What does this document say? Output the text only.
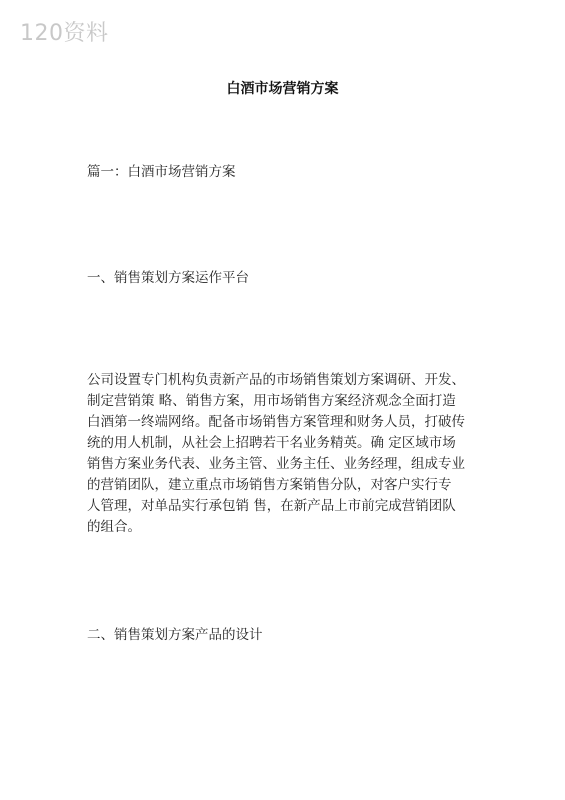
120资料
白酒市场营销方案
篇一：白酒市场营销方案
一、销售策划方案运作平台
公司设置专门机构负责新产品的市场销售策划方案调研、开发、
制定营销策 略、销售方案，用市场销售方案经济观念全面打造
白酒第一终端网络。配备市场销售方案管理和财务人员，打破传
统的用人机制，从社会上招聘若干名业务精英。确 定区域市场
销售方案业务代表、业务主管、业务主任、业务经理，组成专业
的营销团队，建立重点市场销售方案销售分队，对客户实行专
人管理，对单品实行承包销 售，在新产品上市前完成营销团队
的组合。
二、销售策划方案产品的设计
